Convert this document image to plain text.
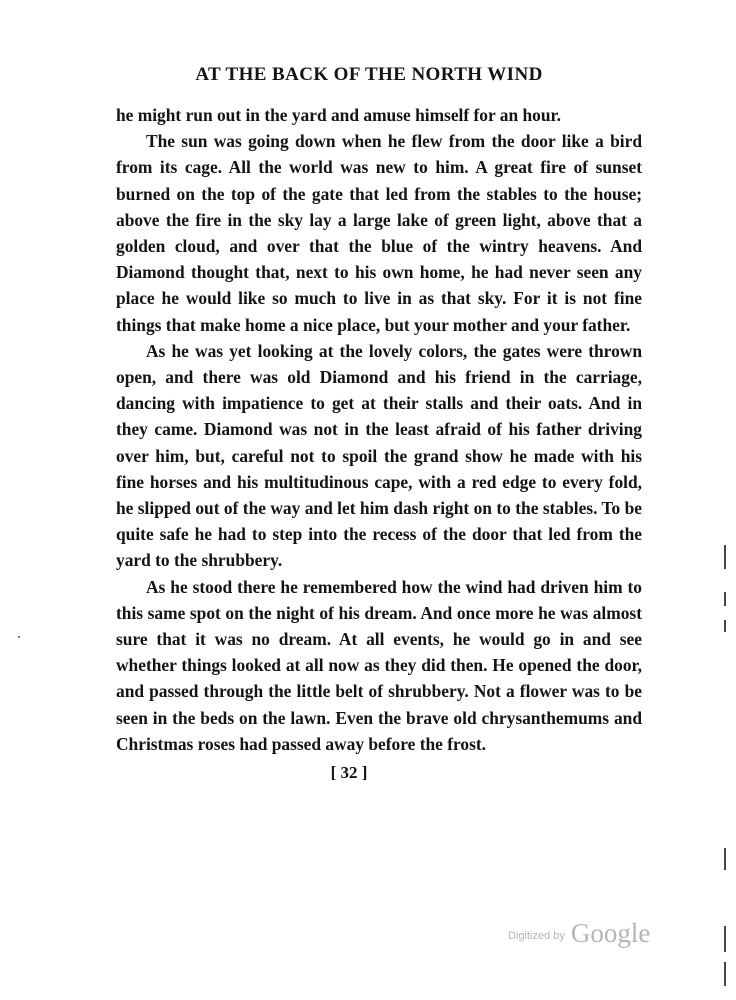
AT THE BACK OF THE NORTH WIND

he might run out in the yard and amuse himself for an hour.

The sun was going down when he flew from the door like a bird from its cage. All the world was new to him. A great fire of sunset burned on the top of the gate that led from the stables to the house; above the fire in the sky lay a large lake of green light, above that a golden cloud, and over that the blue of the wintry heavens. And Diamond thought that, next to his own home, he had never seen any place he would like so much to live in as that sky. For it is not fine things that make home a nice place, but your mother and your father.

As he was yet looking at the lovely colors, the gates were thrown open, and there was old Diamond and his friend in the carriage, dancing with impatience to get at their stalls and their oats. And in they came. Diamond was not in the least afraid of his father driving over him, but, careful not to spoil the grand show he made with his fine horses and his multitudinous cape, with a red edge to every fold, he slipped out of the way and let him dash right on to the stables. To be quite safe he had to step into the recess of the door that led from the yard to the shrubbery.

As he stood there he remembered how the wind had driven him to this same spot on the night of his dream. And once more he was almost sure that it was no dream. At all events, he would go in and see whether things looked at all now as they did then. He opened the door, and passed through the little belt of shrubbery. Not a flower was to be seen in the beds on the lawn. Even the brave old chrysanthemums and Christmas roses had passed away before the frost.

[ 32 ]
Digitized by Google
